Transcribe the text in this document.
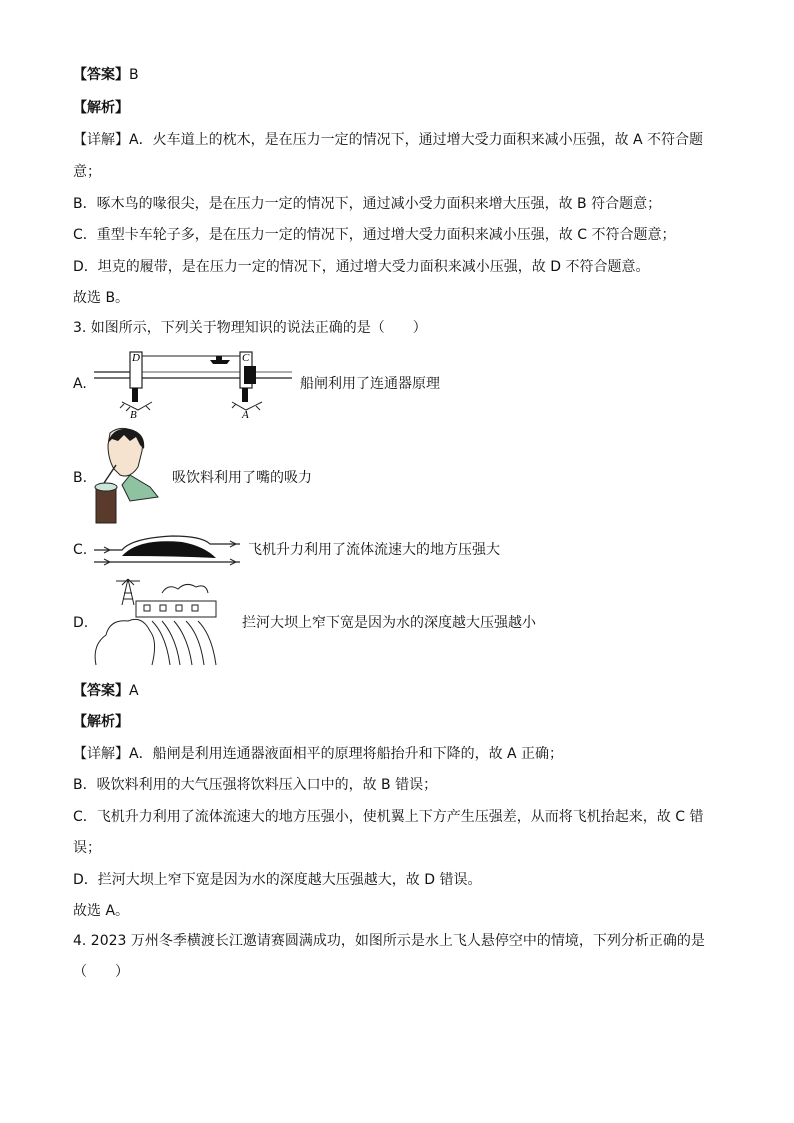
【答案】B
【解析】
【详解】A．火车道上的枕木，是在压力一定的情况下，通过增大受力面积来减小压强，故 A 不符合题
意；
B．啄木鸟的喙很尖，是在压力一定的情况下，通过减小受力面积来增大压强，故 B 符合题意；
C．重型卡车轮子多，是在压力一定的情况下，通过增大受力面积来减小压强，故 C 不符合题意；
D．坦克的履带，是在压力一定的情况下，通过增大受力面积来减小压强，故 D 不符合题意。
故选 B。
3. 如图所示，下列关于物理知识的说法正确的是（　　）
A.
D	C
B	A
船闸利用了连通器原理
B.	吸饮料利用了嘴的吸力
C.	飞机升力利用了流体流速大的地方压强大
D.	拦河大坝上窄下宽是因为水的深度越大压强越小
【答案】A
【解析】
【详解】A．船闸是利用连通器液面相平的原理将船抬升和下降的，故 A 正确；
B．吸饮料利用的大气压强将饮料压入口中的，故 B 错误；
C．飞机升力利用了流体流速大的地方压强小，使机翼上下方产生压强差，从而将飞机抬起来，故 C 错
误；
D．拦河大坝上窄下宽是因为水的深度越大压强越大，故 D 错误。
故选 A。
4. 2023 万州冬季横渡长江邀请赛圆满成功，如图所示是水上飞人悬停空中的情境，下列分析正确的是
（　　）
